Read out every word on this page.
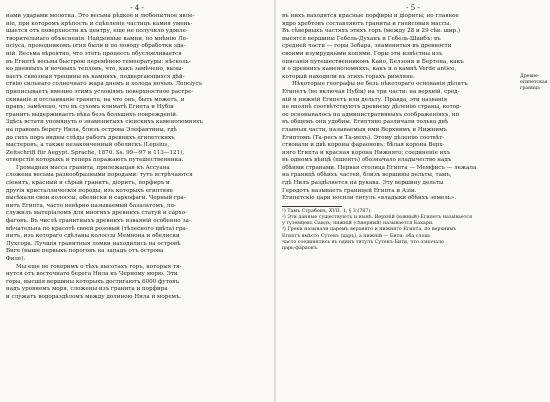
- 4 -

нами ударами молотка. Это весьма рѣдкое и любопытное явле-

ніе, при которомъ крѣпость и сцѣпленіе частицъ камня умень-

шается отъ поверхности къ центру, еще не получило удовле-

творительнаго объясненія. Найденные камни, по мнѣнію Ле-

псіуса, проводникомъ огня были и по поводу обработки зда-

ній. Весьма вѣроятно, что этотъ процессъ обусловливается

въ Египтѣ весьма быстрою перемѣною температуры: нѣсколь-

ко дневныхъ и ночныхъ тепловъ, что, какъ замѣчено, вызы-

ваетъ сквозныя трещины въ камняхъ, подвергающихся дѣй-

ствію сильнаго солнечнаго жара днемъ и холода ночью. Лепсіусъ

приписываетъ именно этимъ условіямъ поверхностное растре-

скиваніе и отслаиваніе гранита, на что онъ, быть можетъ, и

правъ; замѣчено, что въ сухомъ климатѣ Египта и Нубіи

гранитъ выдерживаетъ вѣка безъ большихъ поврежденій.

Здѣсь встати упомянуть о знаменитыхъ сіенскихъ каменоломняхъ

на правомъ берегу Нила, близъ острова Элефантины, гдѣ

до сихъ поръ видны слѣды работъ древнихъ египетскихъ

мастеровъ, а также незаконченный обелискъ (Lepsius,

Zeitschrift für Aegypt. Sprache, 1870. Ss. 99—97 и 113—121),

отверстія которыхъ и теперь поражаютъ путешественника.

Громадная масса гранита, прилежащая къ Ассуана

сложена весьма разнообразными породами: тутъ встрѣчаются

сіенитъ, красный и сѣрый гранитъ, діоритъ, порфиръ и

другія кристаллическія породы, изъ которыхъ египтяне

высѣкали свои колоссы, обелиски и саркофаги. Черный гра-

нитъ Египта, часто невѣрно называемый базальтомъ, по-

служилъ матеріаломъ для многихъ древнихъ статуй и сархо-

фаговъ. Въ числѣ гранитныхъ древнихъ изваяній особенно за-

мѣчательна по красотѣ своей розовый (тѣлесного цвѣта) гра-

нитъ, изъ котораго сдѣланы колоссы Мемнона и обелиски

Луксора. Лучшія гранитныя ломки находились на островѣ

Биге (выше первыхъ пороговъ на западъ отъ острова

Филе).

Мы еще не говоримъ о тѣхъ высотахъ горъ, которыя тя-

нутся отъ восточнаго берега Нила къ Черному морю. Эти

горы, высшія вершины которыхъ достигаютъ 6000 футовъ

надъ уровнемъ моря, сложены изъ гранита и порфира

и служатъ водораздѣломъ между долиною Нила и моремъ.

- 5 -
Древне-египетская граница

въ нихъ находятся красные порфиры и діориты; но главное

ядро хребтовъ составляютъ граниты и гнейсовыя массы.

Въ сѣверныхъ частяхъ этихъ горъ (между 28 и 29 сѣв. шир.)

высятся вершины Гебель-Духанъ и Гебель-Шаибъ; въ

средней части — горы Зебара, знаменитыя въ древности

своими изумрудными копями. Горы эти извѣстны изъ

описанія путешественниковъ Кайо, Белзони и Бертона, какъ

и о древнихъ каменоломняхъ, какъ и о камнѣ Verde antico,

который находили въ этихъ горахъ римляне.

Нѣкоторые географы не безъ нѣкотораго основанія дѣлятъ

Египетъ (не включая Нубіи) на три части: на верхній, сред-

ній и нижній Египетъ или дельту. Правда, эти названія

не вполнѣ соотвѣтствуютъ древнему дѣленію страны, котор-

ое основывалось на административныхъ соображеніяхъ, но

въ общемъ они удобны. Египтяне различали только двѣ

главныя части, называемыя ими Верхнимъ и Нижнимъ

Египтомъ (Та-ресъ и Та-мехъ). Этому дѣленію соотвѣт-

ствовали и двѣ короны фараоновъ: бѣлая корона Верх-

няго Египта и красная корона Нижняго; соединеніе ихъ

въ одномъ вѣнцѣ (пшентъ) обозначало владычество надъ

обѣими странами. Первая столица Египта — Мемфисъ — лежала

на границѣ обѣихъ частей, близъ вершины дельты, тамъ,

гдѣ Нилъ раздѣляется на рукава. Эту вершину дельты

Геродотъ называетъ границей Египта и Азіи.

Египетскіе цари носили титулъ «владыки обѣихъ земель».

¹) Тамъ Страбонъ, XVII, 1, § 3 (787).

²) Эти данные существуютъ и нынѣ. Верхній (южный) Египетъ называется

у туземцевъ Саидъ; нижній (сѣверный) называется Бахари.

³) Греки называли царемъ верхняго и нижняго Египта, по верхнимъ

Египтъ вмѣсто Сутенъ (царь), а нижній — Бити; оба слова

часто соединялись въ одинъ титулъ Сутенъ-Бити, что означало

царь-фараонъ.
